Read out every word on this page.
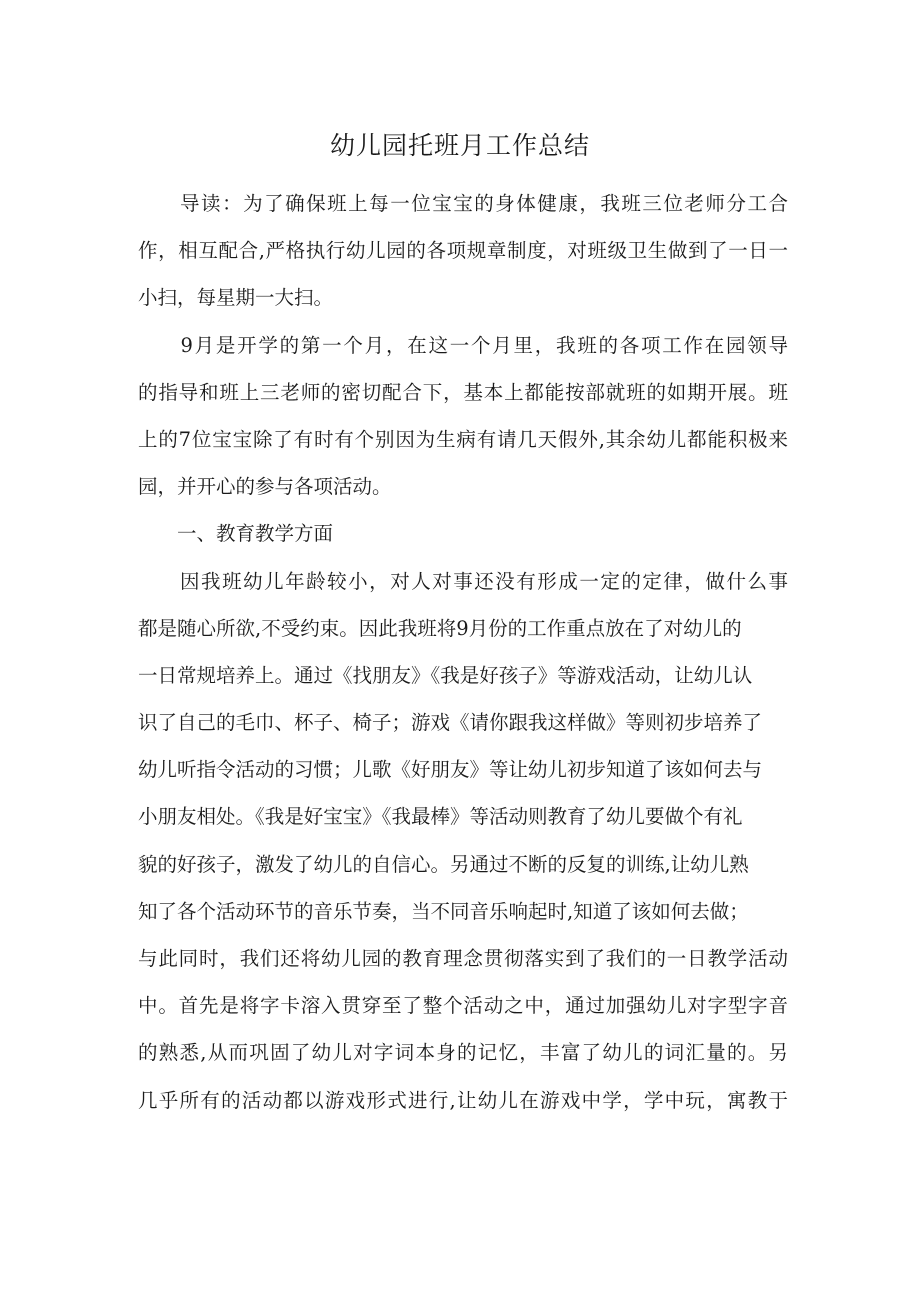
幼儿园托班月工作总结
　　导读：为了确保班上每一位宝宝的身体健康，我班三位老师分工合
作，相互配合,严格执行幼儿园的各项规章制度，对班级卫生做到了一日一
小扫，每星期一大扫。
　　9月是开学的第一个月，在这一个月里，我班的各项工作在园领导
的指导和班上三老师的密切配合下，基本上都能按部就班的如期开展。班
上的7位宝宝除了有时有个别因为生病有请几天假外,其余幼儿都能积极来
园，并开心的参与各项活动。
　　一、教育教学方面
　　因我班幼儿年龄较小，对人对事还没有形成一定的定律，做什么事
都是随心所欲,不受约束。因此我班将9月份的工作重点放在了对幼儿的
一日常规培养上。通过《找朋友》《我是好孩子》等游戏活动，让幼儿认
识了自己的毛巾、杯子、椅子；游戏《请你跟我这样做》等则初步培养了
幼儿听指令活动的习惯；儿歌《好朋友》等让幼儿初步知道了该如何去与
小朋友相处。《我是好宝宝》《我最棒》等活动则教育了幼儿要做个有礼
貌的好孩子，激发了幼儿的自信心。另通过不断的反复的训练,让幼儿熟
知了各个活动环节的音乐节奏，当不同音乐响起时,知道了该如何去做；
与此同时，我们还将幼儿园的教育理念贯彻落实到了我们的一日教学活动
中。首先是将字卡溶入贯穿至了整个活动之中，通过加强幼儿对字型字音
的熟悉,从而巩固了幼儿对字词本身的记忆，丰富了幼儿的词汇量的。另
几乎所有的活动都以游戏形式进行,让幼儿在游戏中学，学中玩，寓教于
